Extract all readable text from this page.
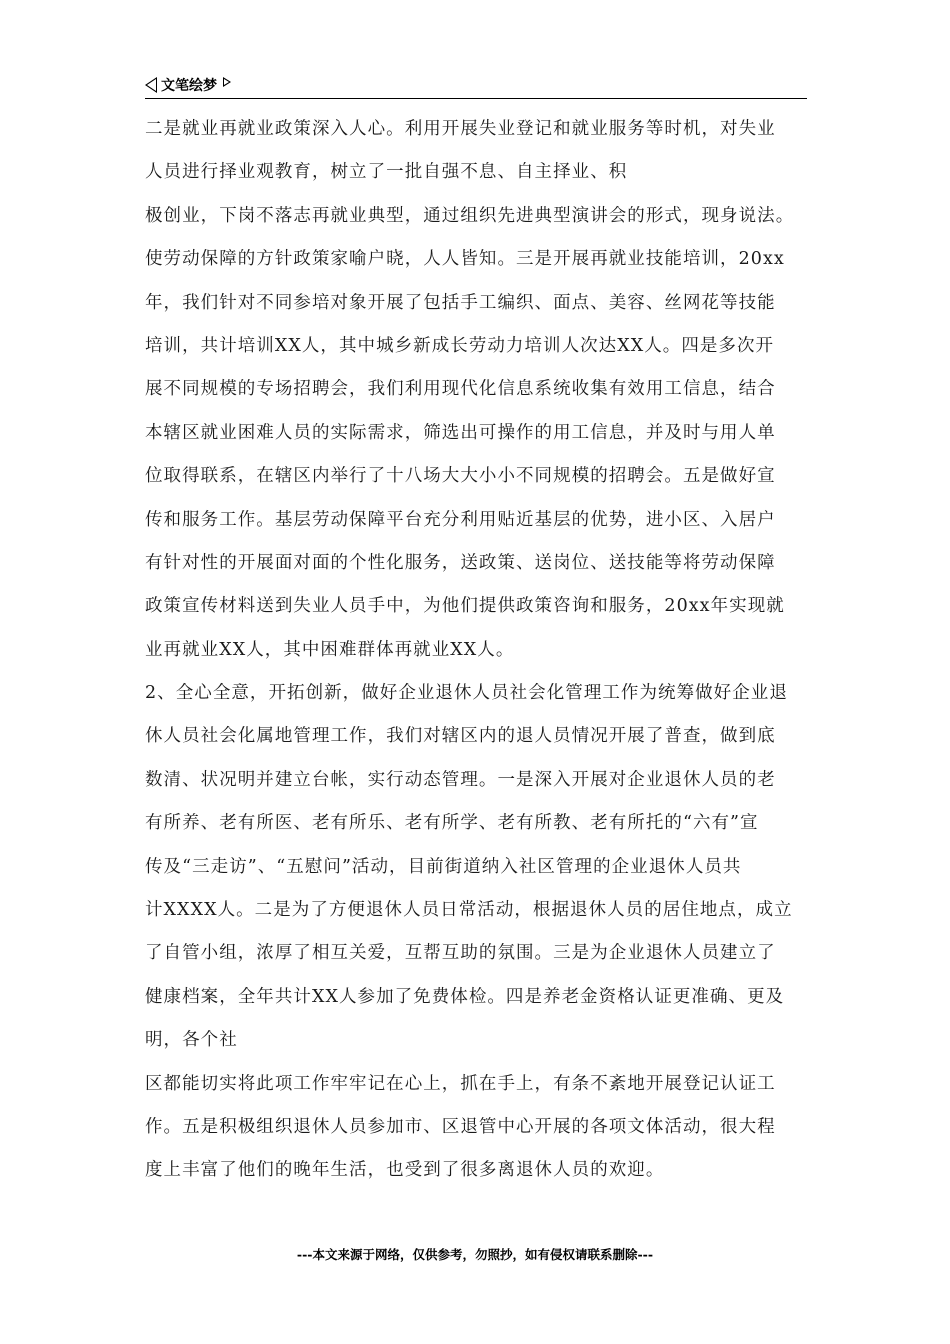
文笔绘梦
二是就业再就业政策深入人心。利用开展失业登记和就业服务等时机，对失业
人员进行择业观教育，树立了一批自强不息、自主择业、积
极创业，下岗不落志再就业典型，通过组织先进典型演讲会的形式，现身说法。
使劳动保障的方针政策家喻户晓，人人皆知。三是开展再就业技能培训，20xx
年，我们针对不同参培对象开展了包括手工编织、面点、美容、丝网花等技能
培训，共计培训XX人，其中城乡新成长劳动力培训人次达XX人。四是多次开
展不同规模的专场招聘会，我们利用现代化信息系统收集有效用工信息，结合
本辖区就业困难人员的实际需求，筛选出可操作的用工信息，并及时与用人单
位取得联系，在辖区内举行了十八场大大小小不同规模的招聘会。五是做好宣
传和服务工作。基层劳动保障平台充分利用贴近基层的优势，进小区、入居户
有针对性的开展面对面的个性化服务，送政策、送岗位、送技能等将劳动保障
政策宣传材料送到失业人员手中，为他们提供政策咨询和服务，20xx年实现就
业再就业XX人，其中困难群体再就业XX人。
2、全心全意，开拓创新，做好企业退休人员社会化管理工作为统筹做好企业退
休人员社会化属地管理工作，我们对辖区内的退人员情况开展了普查，做到底
数清、状况明并建立台帐，实行动态管理。一是深入开展对企业退休人员的老
有所养、老有所医、老有所乐、老有所学、老有所教、老有所托的“六有”宣
传及“三走访”、“五慰问”活动，目前街道纳入社区管理的企业退休人员共
计XXXX人。二是为了方便退休人员日常活动，根据退休人员的居住地点，成立
了自管小组，浓厚了相互关爱，互帮互助的氛围。三是为企业退休人员建立了
健康档案，全年共计XX人参加了免费体检。四是养老金资格认证更准确、更及
明，各个社
区都能切实将此项工作牢牢记在心上，抓在手上，有条不紊地开展登记认证工
作。五是积极组织退休人员参加市、区退管中心开展的各项文体活动，很大程
度上丰富了他们的晚年生活，也受到了很多离退休人员的欢迎。
---本文来源于网络，仅供参考，勿照抄，如有侵权请联系删除---
